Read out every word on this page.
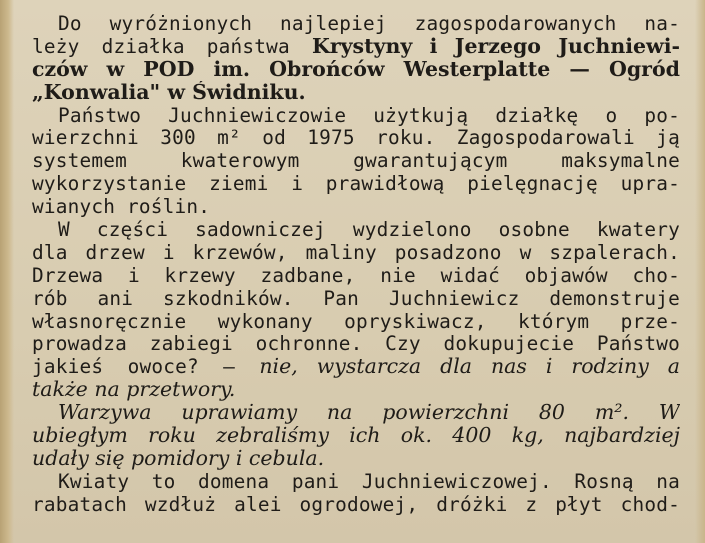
Do wyróżnionych najlepiej zagospodarowanych na-
leży działka państwa Krystyny i Jerzego Juchniewi-
czów w POD im. Obrońców Westerplatte — Ogród
„Konwalia" w Świdniku.
Państwo Juchniewiczowie użytkują działkę o po-
wierzchni 300 m² od 1975 roku. Zagospodarowali ją
systemem kwaterowym gwarantującym maksymalne
wykorzystanie ziemi i prawidłową pielęgnację upra-
wianych roślin.
W części sadowniczej wydzielono osobne kwatery
dla drzew i krzewów, maliny posadzono w szpalerach.
Drzewa i krzewy zadbane, nie widać objawów cho-
rób ani szkodników. Pan Juchniewicz demonstruje
własnoręcznie wykonany opryskiwacz, którym prze-
prowadza zabiegi ochronne. Czy dokupujecie Państwo
jakieś owoce? — nie, wystarcza dla nas i rodziny a
także na przetwory.
Warzywa uprawiamy na powierzchni 80 m². W
ubiegłym roku zebraliśmy ich ok. 400 kg, najbardziej
udały się pomidory i cebula.
Kwiaty to domena pani Juchniewiczowej. Rosną na
rabatach wzdłuż alei ogrodowej, dróżki z płyt chod-
